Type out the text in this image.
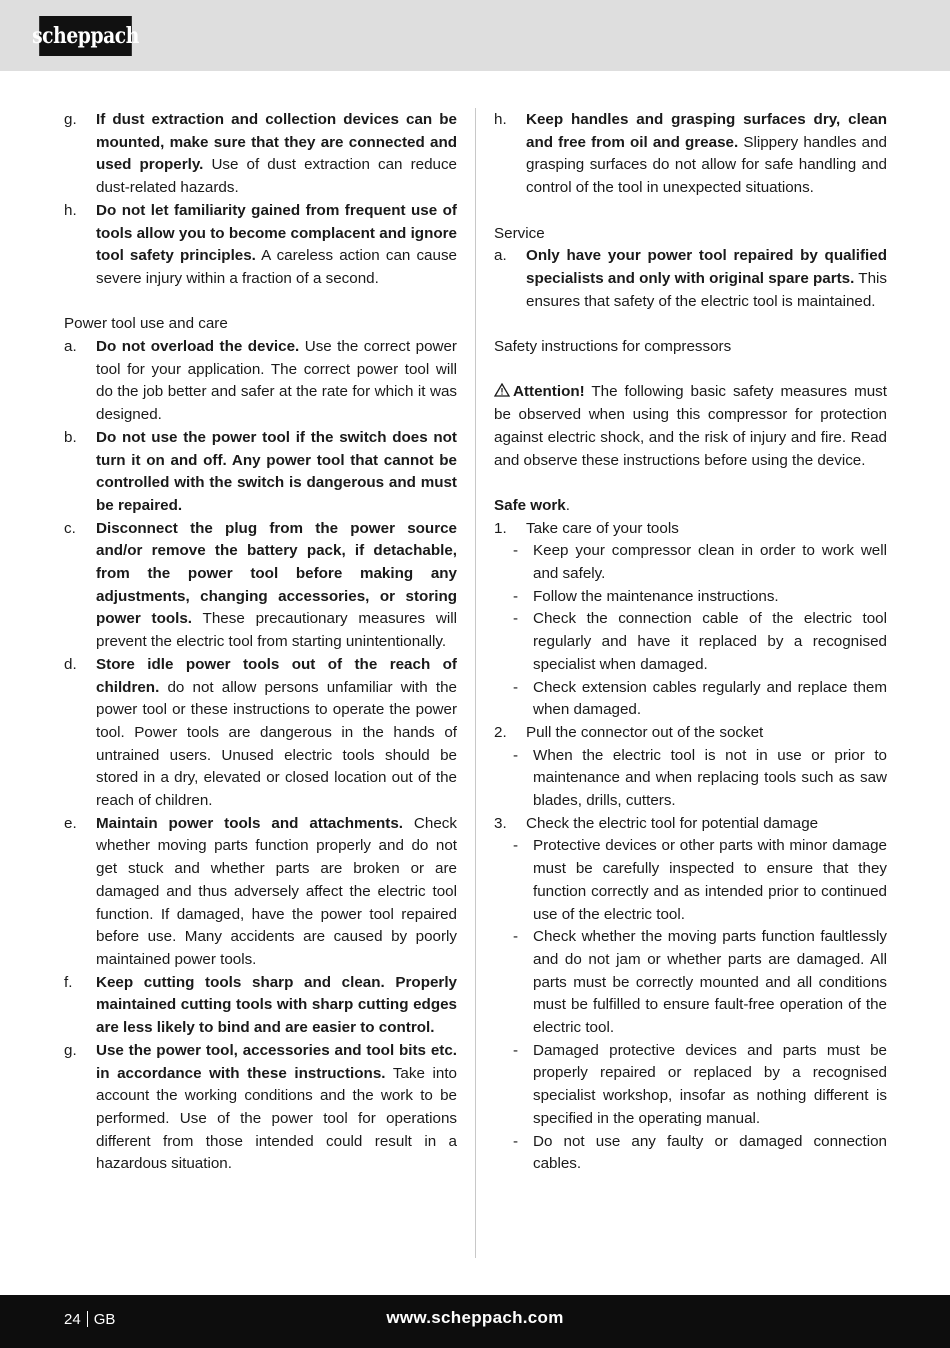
scheppach
g. If dust extraction and collection devices can be mounted, make sure that they are connected and used properly. Use of dust extraction can reduce dust-related hazards.
h. Do not let familiarity gained from frequent use of tools allow you to become complacent and ignore tool safety principles. A careless action can cause severe injury within a fraction of a second.
Power tool use and care
a. Do not overload the device. Use the correct power tool for your application. The correct power tool will do the job better and safer at the rate for which it was designed.
b. Do not use the power tool if the switch does not turn it on and off. Any power tool that cannot be controlled with the switch is dangerous and must be repaired.
c. Disconnect the plug from the power source and/or remove the battery pack, if detachable, from the power tool before making any adjustments, changing accessories, or storing power tools. These precautionary measures will prevent the electric tool from starting unintentionally.
d. Store idle power tools out of the reach of children. do not allow persons unfamiliar with the power tool or these instructions to operate the power tool. Power tools are dangerous in the hands of untrained users. Unused electric tools should be stored in a dry, elevated or closed location out of the reach of children.
e. Maintain power tools and attachments. Check whether moving parts function properly and do not get stuck and whether parts are broken or are damaged and thus adversely affect the electric tool function. If damaged, have the power tool repaired before use. Many accidents are caused by poorly maintained power tools.
f. Keep cutting tools sharp and clean. Properly maintained cutting tools with sharp cutting edges are less likely to bind and are easier to control.
g. Use the power tool, accessories and tool bits etc. in accordance with these instructions. Take into account the working conditions and the work to be performed. Use of the power tool for operations different from those intended could result in a hazardous situation.
h. Keep handles and grasping surfaces dry, clean and free from oil and grease. Slippery handles and grasping surfaces do not allow for safe handling and control of the tool in unexpected situations.
Service
a. Only have your power tool repaired by qualified specialists and only with original spare parts. This ensures that safety of the electric tool is maintained.
Safety instructions for compressors
Attention! The following basic safety measures must be observed when using this compressor for protection against electric shock, and the risk of injury and fire. Read and observe these instructions before using the device.
Safe work.
1. Take care of your tools
- Keep your compressor clean in order to work well and safely.
- Follow the maintenance instructions.
- Check the connection cable of the electric tool regularly and have it replaced by a recognised specialist when damaged.
- Check extension cables regularly and replace them when damaged.
2. Pull the connector out of the socket
- When the electric tool is not in use or prior to maintenance and when replacing tools such as saw blades, drills, cutters.
3. Check the electric tool for potential damage
- Protective devices or other parts with minor damage must be carefully inspected to ensure that they function correctly and as intended prior to continued use of the electric tool.
- Check whether the moving parts function faultlessly and do not jam or whether parts are damaged. All parts must be correctly mounted and all conditions must be fulfilled to ensure fault-free operation of the electric tool.
- Damaged protective devices and parts must be properly repaired or replaced by a recognised specialist workshop, insofar as nothing different is specified in the operating manual.
- Do not use any faulty or damaged connection cables.
24 GB	www.scheppach.com
